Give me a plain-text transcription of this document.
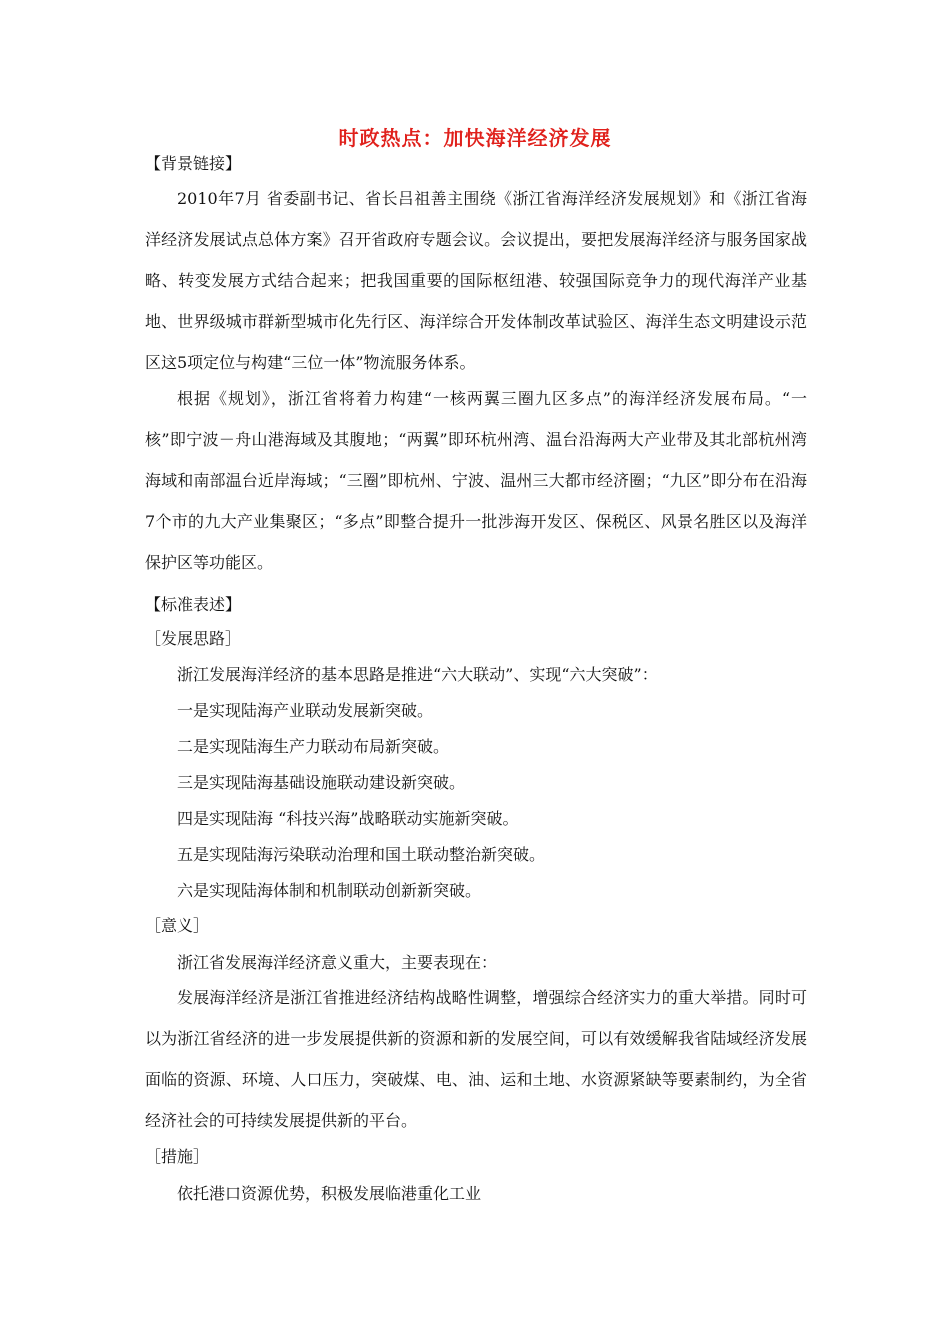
时政热点：加快海洋经济发展
【背景链接】

2010年7月 省委副书记、省长吕祖善主围绕《浙江省海洋经济发展规划》和《浙江省海洋经济发展试点总体方案》召开省政府专题会议。会议提出，要把发展海洋经济与服务国家战略、转变发展方式结合起来；把我国重要的国际枢纽港、较强国际竞争力的现代海洋产业基地、世界级城市群新型城市化先行区、海洋综合开发体制改革试验区、海洋生态文明建设示范区这5项定位与构建“三位一体”物流服务体系。

根据《规划》，浙江省将着力构建“一核两翼三圈九区多点”的海洋经济发展布局。“一核”即宁波－舟山港海域及其腹地；“两翼”即环杭州湾、温台沿海两大产业带及其北部杭州湾海域和南部温台近岸海域；“三圈”即杭州、宁波、温州三大都市经济圈；“九区”即分布在沿海7个市的九大产业集聚区；“多点”即整合提升一批涉海开发区、保税区、风景名胜区以及海洋保护区等功能区。

【标准表述】
［发展思路］
浙江发展海洋经济的基本思路是推进“六大联动”、实现“六大突破”：
一是实现陆海产业联动发展新突破。
二是实现陆海生产力联动布局新突破。
三是实现陆海基础设施联动建设新突破。
四是实现陆海 “科技兴海”战略联动实施新突破。
五是实现陆海污染联动治理和国土联动整治新突破。
六是实现陆海体制和机制联动创新新突破。
［意义］
浙江省发展海洋经济意义重大，主要表现在：

发展海洋经济是浙江省推进经济结构战略性调整，增强综合经济实力的重大举措。同时可以为浙江省经济的进一步发展提供新的资源和新的发展空间，可以有效缓解我省陆域经济发展面临的资源、环境、人口压力，突破煤、电、油、运和土地、水资源紧缺等要素制约，为全省经济社会的可持续发展提供新的平台。

［措施］
依托港口资源优势，积极发展临港重化工业
